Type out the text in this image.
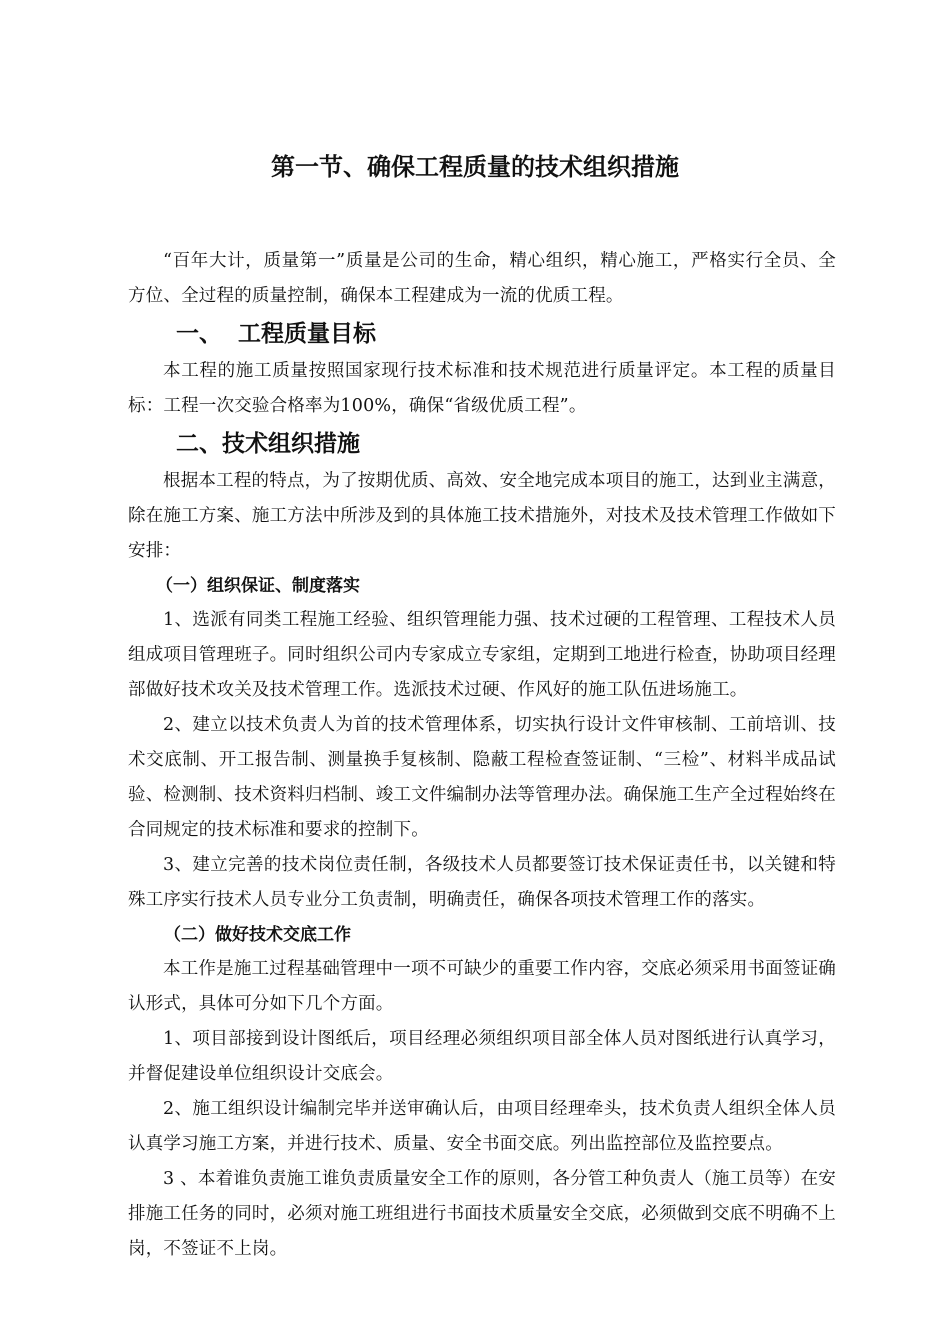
第一节、确保工程质量的技术组织措施

“百年大计，质量第一”质量是公司的生命，精心组织，精心施工，严格实行全员、全方位、全过程的质量控制，确保本工程建成为一流的优质工程。

一、  工程质量目标

本工程的施工质量按照国家现行技术标准和技术规范进行质量评定。本工程的质量目标：工程一次交验合格率为100%，确保“省级优质工程”。

二、技术组织措施

根据本工程的特点，为了按期优质、高效、安全地完成本项目的施工，达到业主满意，除在施工方案、施工方法中所涉及到的具体施工技术措施外，对技术及技术管理工作做如下安排：

（一）组织保证、制度落实

1、选派有同类工程施工经验、组织管理能力强、技术过硬的工程管理、工程技术人员组成项目管理班子。同时组织公司内专家成立专家组，定期到工地进行检查，协助项目经理部做好技术攻关及技术管理工作。选派技术过硬、作风好的施工队伍进场施工。

2、建立以技术负责人为首的技术管理体系，切实执行设计文件审核制、工前培训、技术交底制、开工报告制、测量换手复核制、隐蔽工程检查签证制、“三检”、材料半成品试验、检测制、技术资料归档制、竣工文件编制办法等管理办法。确保施工生产全过程始终在合同规定的技术标准和要求的控制下。

3、建立完善的技术岗位责任制，各级技术人员都要签订技术保证责任书，以关键和特殊工序实行技术人员专业分工负责制，明确责任，确保各项技术管理工作的落实。

（二）做好技术交底工作

本工作是施工过程基础管理中一项不可缺少的重要工作内容，交底必须采用书面签证确认形式，具体可分如下几个方面。

1、项目部接到设计图纸后，项目经理必须组织项目部全体人员对图纸进行认真学习，并督促建设单位组织设计交底会。

2、施工组织设计编制完毕并送审确认后，由项目经理牵头，技术负责人组织全体人员认真学习施工方案，并进行技术、质量、安全书面交底。列出监控部位及监控要点。

3 、本着谁负责施工谁负责质量安全工作的原则，各分管工种负责人（施工员等）在安排施工任务的同时，必须对施工班组进行书面技术质量安全交底，必须做到交底不明确不上岗，不签证不上岗。
